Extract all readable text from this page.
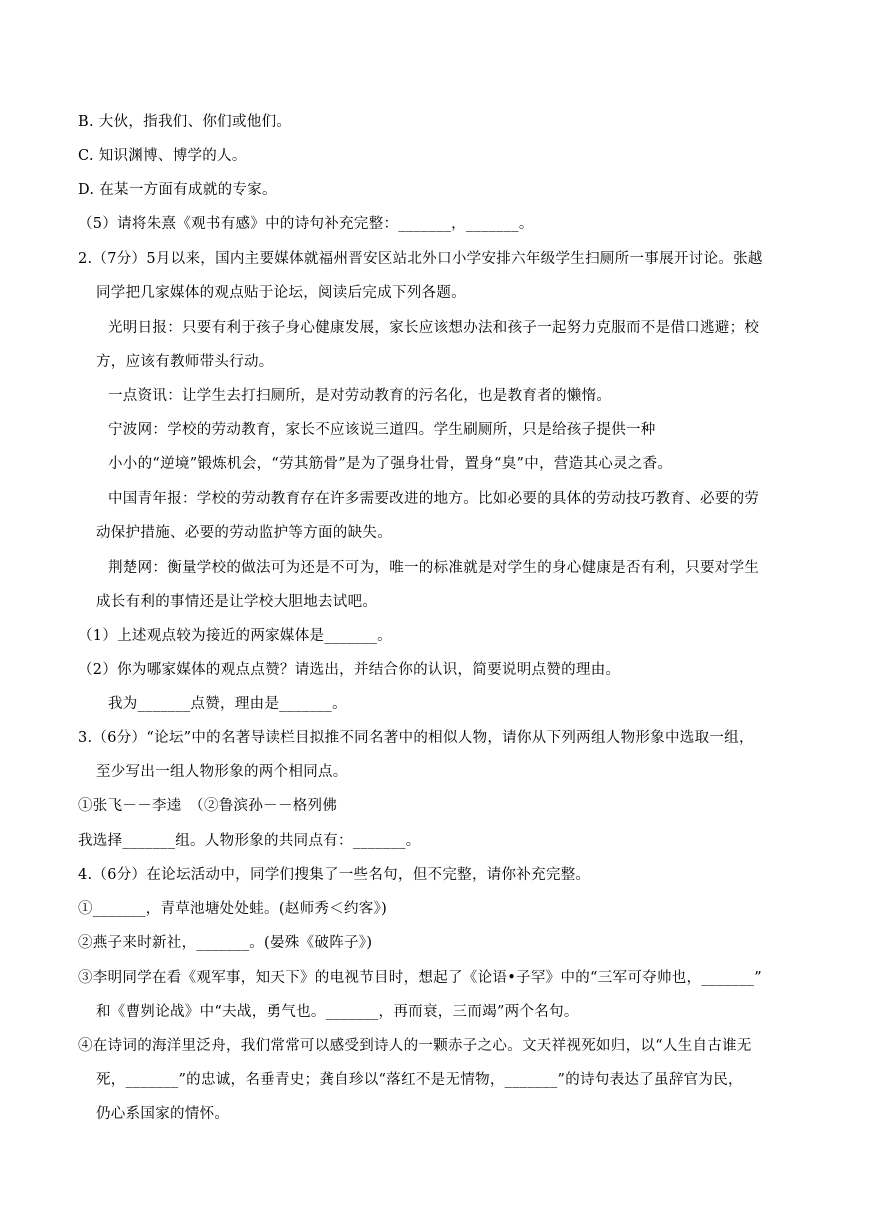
B. 大伙，指我们、你们或他们。
C. 知识渊博、博学的人。
D. 在某一方面有成就的专家。
（5）请将朱熹《观书有感》中的诗句补充完整：_______，_______。
2.（7分）5月以来，国内主要媒体就福州晋安区站北外口小学安排六年级学生扫厕所一事展开讨论。张越
同学把几家媒体的观点贴于论坛，阅读后完成下列各题。
光明日报：只要有利于孩子身心健康发展，家长应该想办法和孩子一起努力克服而不是借口逃避；校
方，应该有教师带头行动。
一点资讯：让学生去打扫厕所，是对劳动教育的污名化，也是教育者的懒惰。
宁波网：学校的劳动教育，家长不应该说三道四。学生刷厕所，只是给孩子提供一种
小小的“逆境”锻炼机会，“劳其筋骨”是为了强身壮骨，置身“臭”中，营造其心灵之香。
中国青年报：学校的劳动教育存在许多需要改进的地方。比如必要的具体的劳动技巧教育、必要的劳
动保护措施、必要的劳动监护等方面的缺失。
荆楚网：衡量学校的做法可为还是不可为，唯一的标准就是对学生的身心健康是否有利，只要对学生
成长有利的事情还是让学校大胆地去试吧。
（1）上述观点较为接近的两家媒体是_______。
（2）你为哪家媒体的观点点赞？请选出，并结合你的认识，简要说明点赞的理由。
我为_______点赞，理由是_______。
3.（6分）“论坛”中的名著导读栏目拟推不同名著中的相似人物，请你从下列两组人物形象中选取一组，
至少写出一组人物形象的两个相同点。
①张飞－－李逵　（②鲁滨孙－－格列佛
我选择_______组。人物形象的共同点有：_______。
4.（6分）在论坛活动中，同学们搜集了一些名句，但不完整，请你补充完整。
①_______，青草池塘处处蛙。(赵师秀＜约客》)
②燕子来时新社，_______。(晏殊《破阵子》)
③李明同学在看《观军事，知天下》的电视节目时，想起了《论语•子罕》中的“三军可夺帅也，_______”
和《曹刿论战》中“夫战，勇气也。_______，再而衰，三而竭”两个名句。
④在诗词的海洋里泛舟，我们常常可以感受到诗人的一颗赤子之心。文天祥视死如归，以“人生自古谁无
死，_______”的忠诚，名垂青史；龚自珍以“落红不是无情物，_______”的诗句表达了虽辞官为民，
仍心系国家的情怀。
